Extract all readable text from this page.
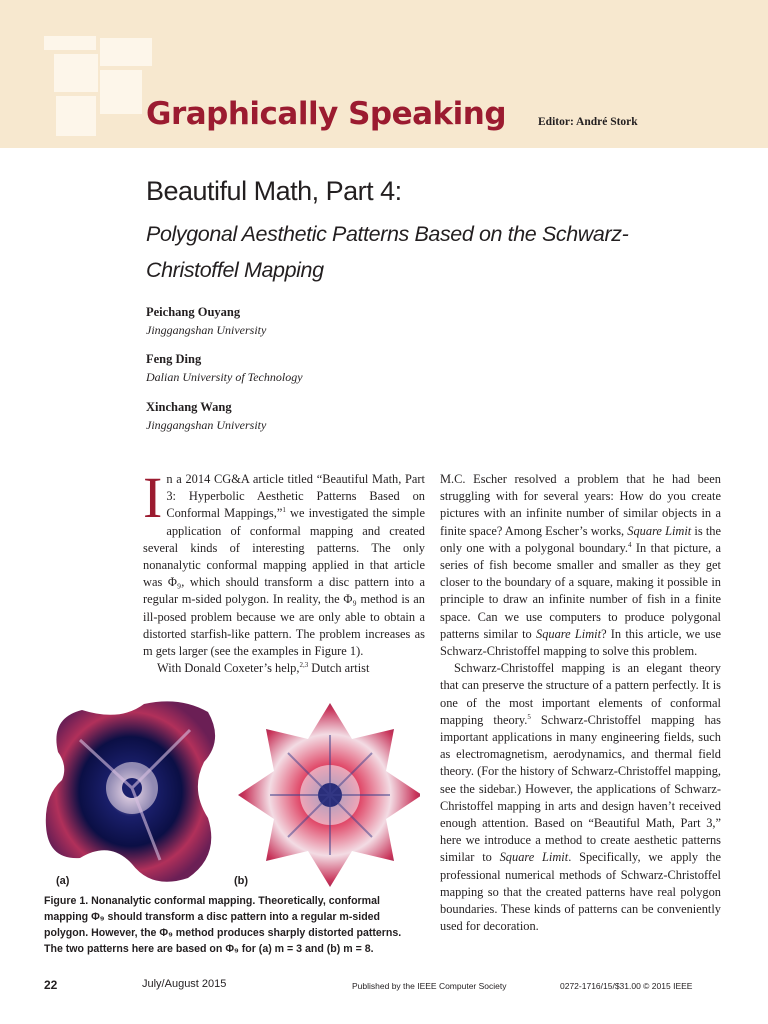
Graphically Speaking	Editor: André Stork
Beautiful Math, Part 4:
Polygonal Aesthetic Patterns Based on the Schwarz-
Christoffel Mapping
Peichang Ouyang
Jinggangshan University
Feng Ding
Dalian University of Technology
Xinchang Wang
Jinggangshan University

In a 2014 CG&A article titled “Beautiful Math, Part 3: Hyperbolic Aesthetic Patterns Based on Conformal Mappings,”$^1$ we investigated the simple application of conformal mapping and created several kinds of interesting patterns. The only nonanalytic conformal mapping applied in that article was Φ₉, which should transform a disc pattern into a regular m-sided polygon. In reality, the Φ₉ method is an ill-posed problem because we are only able to obtain a distorted starfish-like pattern. The problem increases as m gets larger (see the examples in Figure 1).

With Donald Coxeter’s help,$^{2,3}$ Dutch artist

M.C. Escher resolved a problem that he had been struggling with for several years: How do you create pictures with an infinite number of similar objects in a finite space? Among Escher’s works, Square Limit is the only one with a polygonal boundary.$^4$ In that picture, a series of fish become smaller and smaller as they get closer to the boundary of a square, making it possible in principle to draw an infinite number of fish in a finite space. Can we use computers to produce polygonal patterns similar to Square Limit? In this article, we use Schwarz-Christoffel mapping to solve this problem.

Schwarz-Christoffel mapping is an elegant theory that can preserve the structure of a pattern perfectly. It is one of the most important elements of conformal mapping theory.$^5$ Schwarz-Christoffel mapping has important applications in many engineering fields, such as electromagnetism, aerodynamics, and thermal field theory. (For the history of Schwarz-Christoffel mapping, see the sidebar.) However, the applications of Schwarz-Christoffel mapping in arts and design haven’t received enough attention. Based on “Beautiful Math, Part 3,” here we introduce a method to create aesthetic patterns similar to Square Limit. Specifically, we apply the professional numerical methods of Schwarz-Christoffel mapping so that the created patterns have real polygon boundaries. These kinds of patterns can be conveniently used for decoration.

(a)	(b)
Figure 1. Nonanalytic conformal mapping. Theoretically, conformal mapping Φ₉ should transform a disc pattern into a regular m-sided polygon. However, the Φ₉ method produces sharply distorted patterns. The two patterns here are based on Φ₉ for (a) m = 3 and (b) m = 8.
22	July/August 2015	Published by the IEEE Computer Society	0272-1716/15/$31.00 © 2015 IEEE
